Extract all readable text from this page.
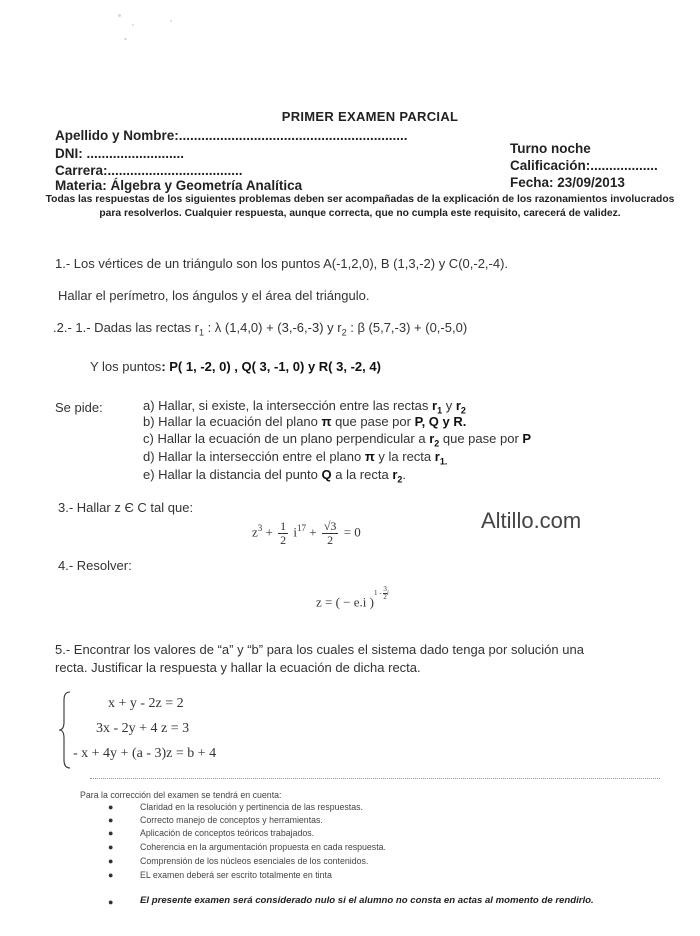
PRIMER EXAMEN PARCIAL
Apellido y Nombre:.............................................................
DNI: ..........................
Carrera:....................................
Materia: Álgebra y Geometría Analítica
Turno noche
Calificación:..................
Fecha: 23/09/2013
Todas las respuestas de los siguientes problemas deben ser acompañadas de la explicación de los razonamientos involucrados para resolverlos. Cualquier respuesta, aunque correcta, que no cumpla este requisito, carecerá de validez.
1.- Los vértices de un triángulo son los puntos A(-1,2,0), B (1,3,-2) y C(0,-2,-4).
Hallar el perímetro, los ángulos y el área del triángulo.
.2.- 1.- Dadas las rectas $r_1$ : λ (1,4,0) + (3,-6,-3) y $r_2$ : β (5,7,-3) + (0,-5,0)
Y los puntos: P( 1, -2, 0) , Q( 3, -1, 0) y R( 3, -2, 4)
Se pide:	a) Hallar, si existe, la intersección entre las rectas $r_1$ y $r_2$
b) Hallar la ecuación del plano π que pase por P, Q y R.
c) Hallar la ecuación de un plano perpendicular a $r_2$ que pase por P
d) Hallar la intersección entre el plano π y la recta $r_{1.}$
e) Hallar la distancia del punto Q a la recta $r_2$.
3.- Hallar z Є C tal que:
$z^3 + \frac{1}{2} i^{17} + \frac{√3}{2} = 0$	Altillo.com
4.- Resolver:
z = ( − e.i )$^{1 - \frac{3}{2} i}$
5.- Encontrar los valores de “a” y “b” para los cuales el sistema dado tenga por solución una
recta. Justificar la respuesta y hallar la ecuación de dicha recta.
x + y - 2z = 2
3x - 2y + 4 z = 3
- x + 4y + (a - 3)z = b + 4
Para la corrección del examen se tendrá en cuenta:
●	Claridad en la resolución y pertinencia de las respuestas.
●	Correcto manejo de conceptos y herramientas.
●	Aplicación de conceptos teóricos trabajados.
●	Coherencia en la argumentación propuesta en cada respuesta.
●	Comprensión de los núcleos esenciales de los contenidos.
●	EL examen deberá ser escrito totalmente en tinta
●	El presente examen será considerado nulo si el alumno no consta en actas al momento de rendirlo.
